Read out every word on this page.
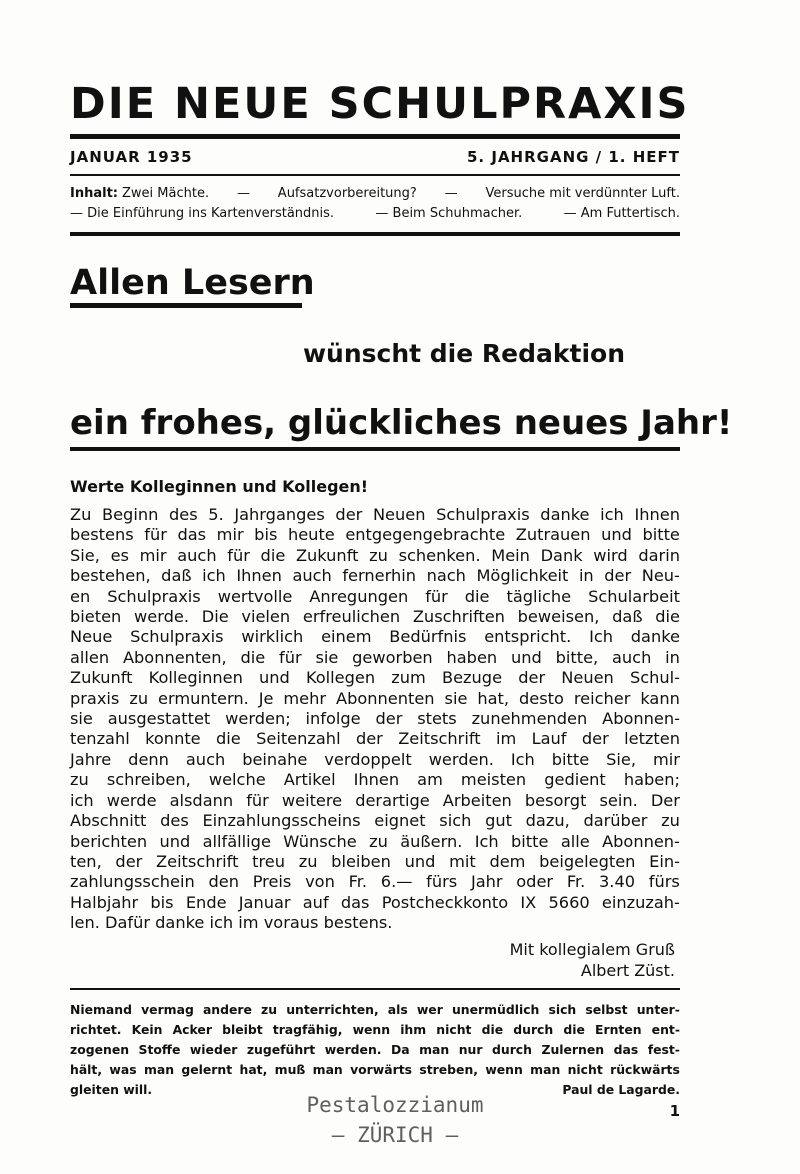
DIE NEUE SCHULPRAXIS
JANUAR 1935	5. JAHRGANG / 1. HEFT
Inhalt: Zwei Mächte. — Aufsatzvorbereitung? — Versuche mit verdünnter Luft.
— Die Einführung ins Kartenverständnis.	— Beim Schuhmacher.	— Am Futtertisch.
Allen Lesern
wünscht die Redaktion
ein frohes, glückliches neues Jahr!
Werte Kolleginnen und Kollegen!
Zu Beginn des 5. Jahrganges der Neuen Schulpraxis danke ich Ihnen
bestens für das mir bis heute entgegengebrachte Zutrauen und bitte
Sie, es mir auch für die Zukunft zu schenken. Mein Dank wird darin
bestehen, daß ich Ihnen auch fernerhin nach Möglichkeit in der Neu-
en Schulpraxis wertvolle Anregungen für die tägliche Schularbeit
bieten werde. Die vielen erfreulichen Zuschriften beweisen, daß die
Neue Schulpraxis wirklich einem Bedürfnis entspricht. Ich danke
allen Abonnenten, die für sie geworben haben und bitte, auch in
Zukunft Kolleginnen und Kollegen zum Bezuge der Neuen Schul-
praxis zu ermuntern. Je mehr Abonnenten sie hat, desto reicher kann
sie ausgestattet werden; infolge der stets zunehmenden Abonnen-
tenzahl konnte die Seitenzahl der Zeitschrift im Lauf der letzten
Jahre denn auch beinahe verdoppelt werden. Ich bitte Sie, mir
zu schreiben, welche Artikel Ihnen am meisten gedient haben;
ich werde alsdann für weitere derartige Arbeiten besorgt sein. Der
Abschnitt des Einzahlungsscheins eignet sich gut dazu, darüber zu
berichten und allfällige Wünsche zu äußern. Ich bitte alle Abonnen-
ten, der Zeitschrift treu zu bleiben und mit dem beigelegten Ein-
zahlungsschein den Preis von Fr. 6.— fürs Jahr oder Fr. 3.40 fürs
Halbjahr bis Ende Januar auf das Postcheckkonto IX 5660 einzuzah-
len. Dafür danke ich im voraus bestens.
Mit kollegialem Gruß
Albert Züst.
Niemand vermag andere zu unterrichten, als wer unermüdlich sich selbst unter-
richtet. Kein Acker bleibt tragfähig, wenn ihm nicht die durch die Ernten ent-
zogenen Stoffe wieder zugeführt werden. Da man nur durch Zulernen das fest-
hält, was man gelernt hat, muß man vorwärts streben, wenn man nicht rückwärts
gleiten will.	Paul de Lagarde.
Pestalozzianum
— ZÜRICH —
1
